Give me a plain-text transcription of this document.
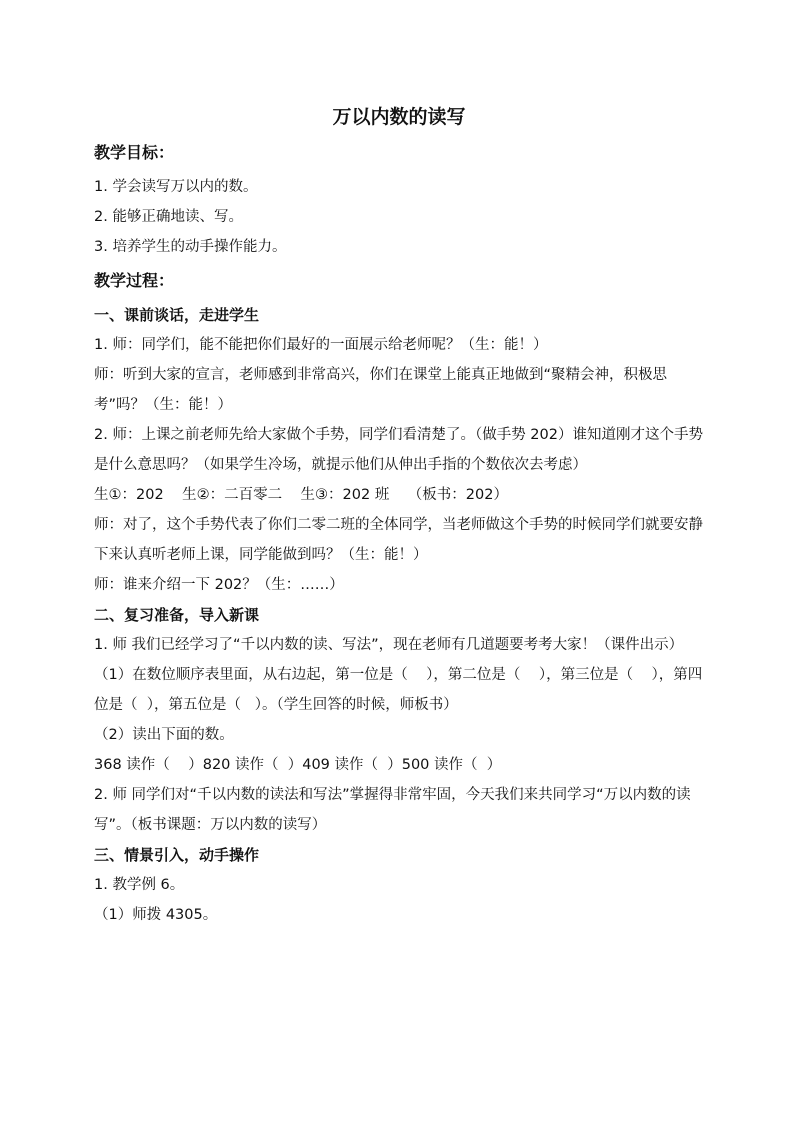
万以内数的读写
教学目标：

1. 学会读写万以内的数。

2. 能够正确地读、写。

3. 培养学生的动手操作能力。

教学过程：
一、课前谈话，走进学生

1. 师：同学们，能不能把你们最好的一面展示给老师呢？（生：能！）

师：听到大家的宣言，老师感到非常高兴，你们在课堂上能真正地做到“聚精会神，积极思考”吗？（生：能！）

2. 师：上课之前老师先给大家做个手势，同学们看清楚了。（做手势 202）谁知道刚才这个手势是什么意思吗？（如果学生冷场，就提示他们从伸出手指的个数依次去考虑）

生①：202    生②：二百零二    生③：202 班    （板书：202）

师：对了，这个手势代表了你们二零二班的全体同学，当老师做这个手势的时候同学们就要安静下来认真听老师上课，同学能做到吗？（生：能！）

师：谁来介绍一下 202？（生：……）

二、复习准备，导入新课

1. 师 我们已经学习了“千以内数的读、写法”，现在老师有几道题要考考大家！（课件出示）

（1）在数位顺序表里面，从右边起，第一位是（    ），第二位是（    ），第三位是（    ），第四位是（  ），第五位是（   ）。（学生回答的时候，师板书）

（2）读出下面的数。

368 读作（    ）820 读作（  ）409 读作（  ）500 读作（  ）

2. 师 同学们对“千以内数的读法和写法”掌握得非常牢固，今天我们来共同学习“万以内数的读写”。（板书课题：万以内数的读写）

三、情景引入，动手操作

1. 教学例 6。

（1）师拨 4305。
